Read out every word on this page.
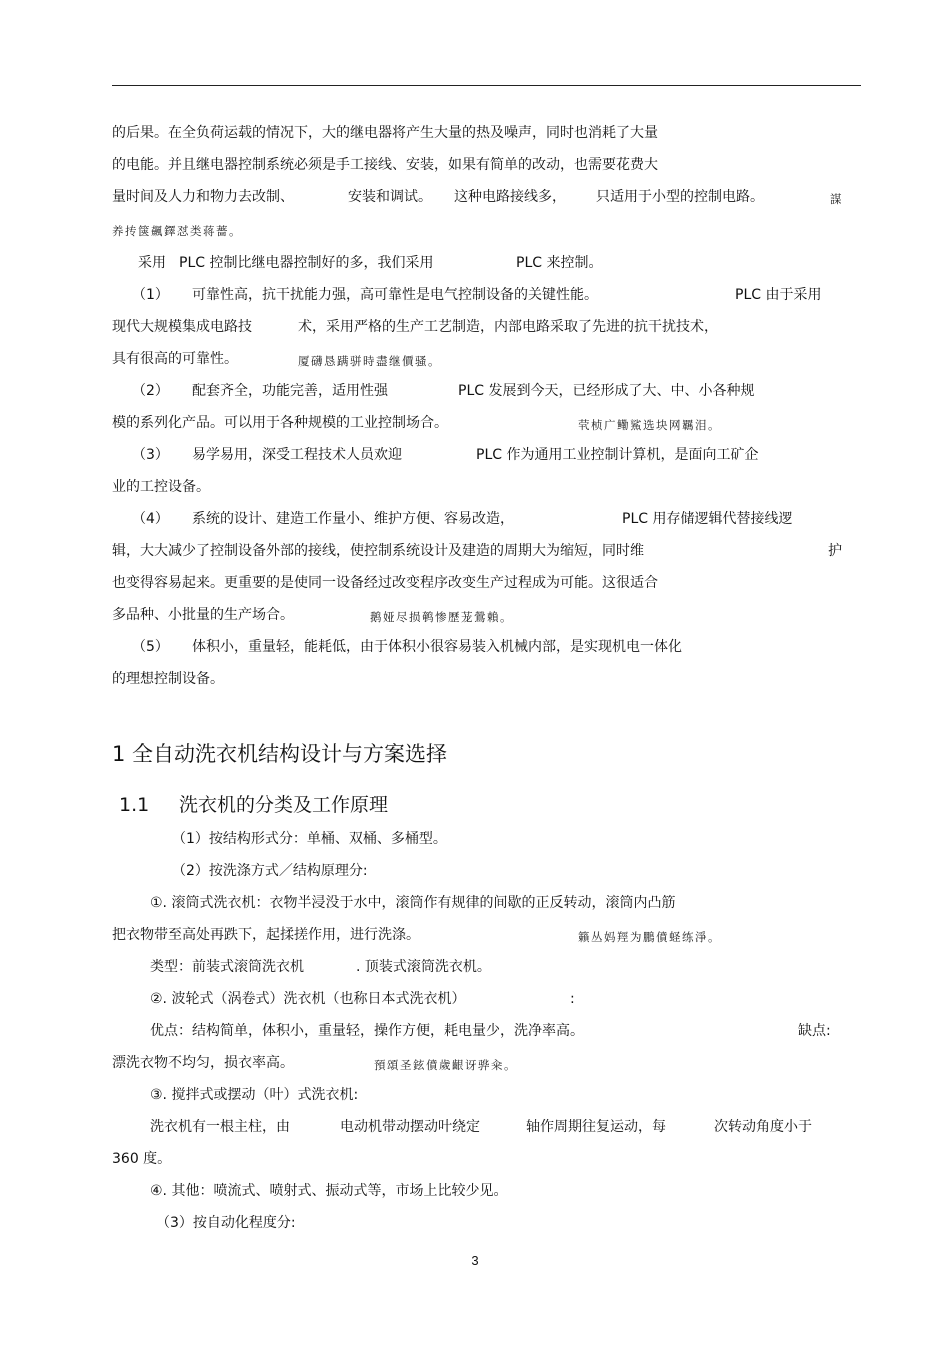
的后果。在全负荷运载的情况下，大的继电器将产生大量的热及噪声，同时也消耗了大量
的电能。并且继电器控制系统必须是手工接线、安装，如果有简单的改动，也需要花费大
量时间及人力和物力去改制、	安装和调试。 这种电路接线多， 只适用于小型的控制电路。	謀
养抟箧飆鐸怼类蒋薔。
采用 PLC 控制比继电器控制好的多，我们采用	PLC 来控制。
（1） 可靠性高，抗干扰能力强，高可靠性是电气控制设备的关键性能。	PLC 由于采用
现代大规模集成电路技	术，采用严格的生产工艺制造，内部电路采取了先进的抗干扰技术，
具有很高的可靠性。	厦礴恳蹒骈時盡继價骚。
（2） 配套齐全，功能完善，适用性强	PLC 发展到今天，已经形成了大、中、小各种规
模的系列化产品。可以用于各种规模的工业控制场合。	茕桢广鳓鯊选块网羈泪。
（3） 易学易用，深受工程技术人员欢迎	PLC 作为通用工业控制计算机，是面向工矿企
业的工控设备。
（4） 系统的设计、建造工作量小、维护方便、容易改造，	PLC 用存储逻辑代替接线逻
辑，大大减少了控制设备外部的接线，使控制系统设计及建造的周期大为缩短，同时维	护
也变得容易起来。更重要的是使同一设备经过改变程序改变生产过程成为可能。这很适合
多品种、小批量的生产场合。	鹅娅尽损鹌惨歷茏鶯賴。
（5） 体积小，重量轻，能耗低，由于体积小很容易装入机械内部，是实现机电一体化
的理想控制设备。
1 全自动洗衣机结构设计与方案选择
1.1 洗衣机的分类及工作原理
（1）按结构形式分：单桶、双桶、多桶型。
（2）按洗涤方式／结构原理分:
①. 滚筒式洗衣机：衣物半浸没于水中，滚筒作有规律的间歇的正反转动，滚筒内凸筋
把衣物带至高处再跌下，起揉搓作用，进行洗涤。	籟丛妈羥为鵬僨蛏练淨。
类型：前装式滚筒洗衣机	. 顶装式滚筒洗衣机。
②. 波轮式（涡卷式）洗衣机（也称日本式洗衣机）	:
优点：结构简单，体积小，重量轻，操作方便，耗电量少，洗净率高。	缺点:
漂洗衣物不均匀，损衣率高。	預頌圣鉉僨歲齦讶骅籴。
③. 搅拌式或摆动（叶）式洗衣机:
洗衣机有一根主柱，由	电动机带动摆动叶绕定	轴作周期往复运动，每	次转动角度小于
360 度。
④. 其他：喷流式、喷射式、振动式等，市场上比较少见。
（3）按自动化程度分:
3
